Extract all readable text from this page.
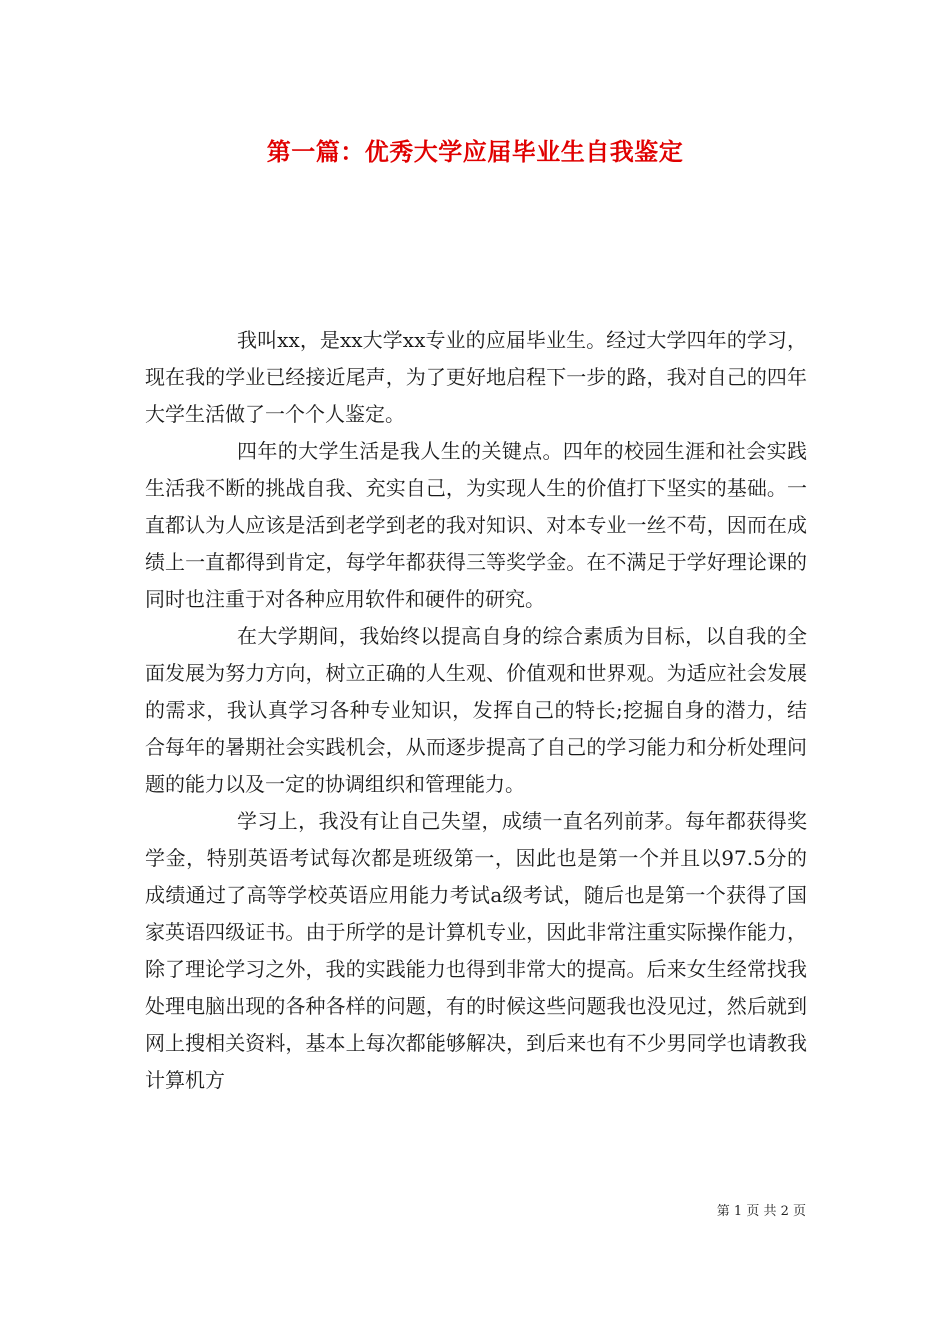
第一篇：优秀大学应届毕业生自我鉴定

我叫xx，是xx大学xx专业的应届毕业生。经过大学四年的学习，现在我的学业已经接近尾声，为了更好地启程下一步的路，我对自己的四年大学生活做了一个个人鉴定。

四年的大学生活是我人生的关键点。四年的校园生涯和社会实践生活我不断的挑战自我、充实自己，为实现人生的价值打下坚实的基础。一直都认为人应该是活到老学到老的我对知识、对本专业一丝不苟，因而在成绩上一直都得到肯定，每学年都获得三等奖学金。在不满足于学好理论课的同时也注重于对各种应用软件和硬件的研究。

在大学期间，我始终以提高自身的综合素质为目标，以自我的全面发展为努力方向，树立正确的人生观、价值观和世界观。为适应社会发展的需求，我认真学习各种专业知识，发挥自己的特长;挖掘自身的潜力，结合每年的暑期社会实践机会，从而逐步提高了自己的学习能力和分析处理问题的能力以及一定的协调组织和管理能力。

学习上，我没有让自己失望，成绩一直名列前茅。每年都获得奖学金，特别英语考试每次都是班级第一，因此也是第一个并且以97.5分的成绩通过了高等学校英语应用能力考试a级考试，随后也是第一个获得了国家英语四级证书。由于所学的是计算机专业，因此非常注重实际操作能力，除了理论学习之外，我的实践能力也得到非常大的提高。后来女生经常找我处理电脑出现的各种各样的问题，有的时候这些问题我也没见过，然后就到网上搜相关资料，基本上每次都能够解决，到后来也有不少男同学也请教我计算机方

第 1 页 共 2 页
